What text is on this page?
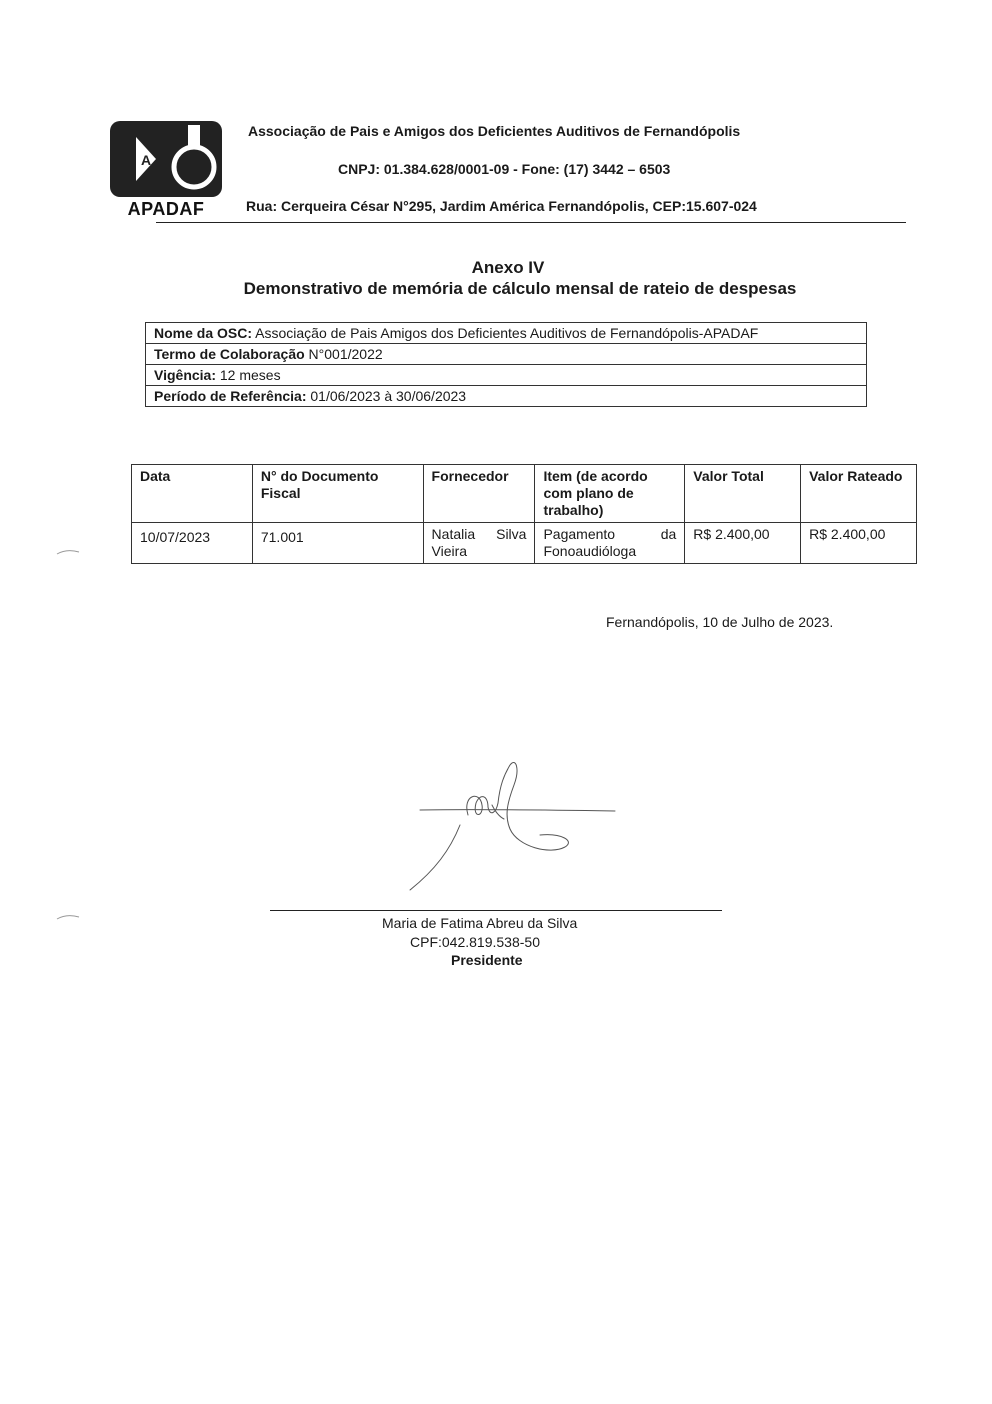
A
APADAF
Associação de Pais e Amigos dos Deficientes Auditivos de Fernandópolis
CNPJ: 01.384.628/0001-09 - Fone: (17) 3442 – 6503
Rua: Cerqueira César N°295, Jardim América Fernandópolis, CEP:15.607-024
Anexo IV
Demonstrativo de memória de cálculo mensal de rateio de despesas
Nome da OSC: Associação de Pais Amigos dos Deficientes Auditivos de Fernandópolis-APADAF
Termo de Colaboração N°001/2022
Vigência: 12 meses
Período de Referência: 01/06/2023 à 30/06/2023
Data	N° do Documento Fiscal	Fornecedor	Item (de acordo com plano de trabalho)	Valor Total	Valor Rateado
10/07/2023	71.001	Natalia Silva Vieira	Pagamento da Fonoaudióloga	R$ 2.400,00	R$ 2.400,00
Fernandópolis, 10 de Julho de 2023.
Maria de Fatima Abreu da Silva
CPF:042.819.538-50
Presidente
